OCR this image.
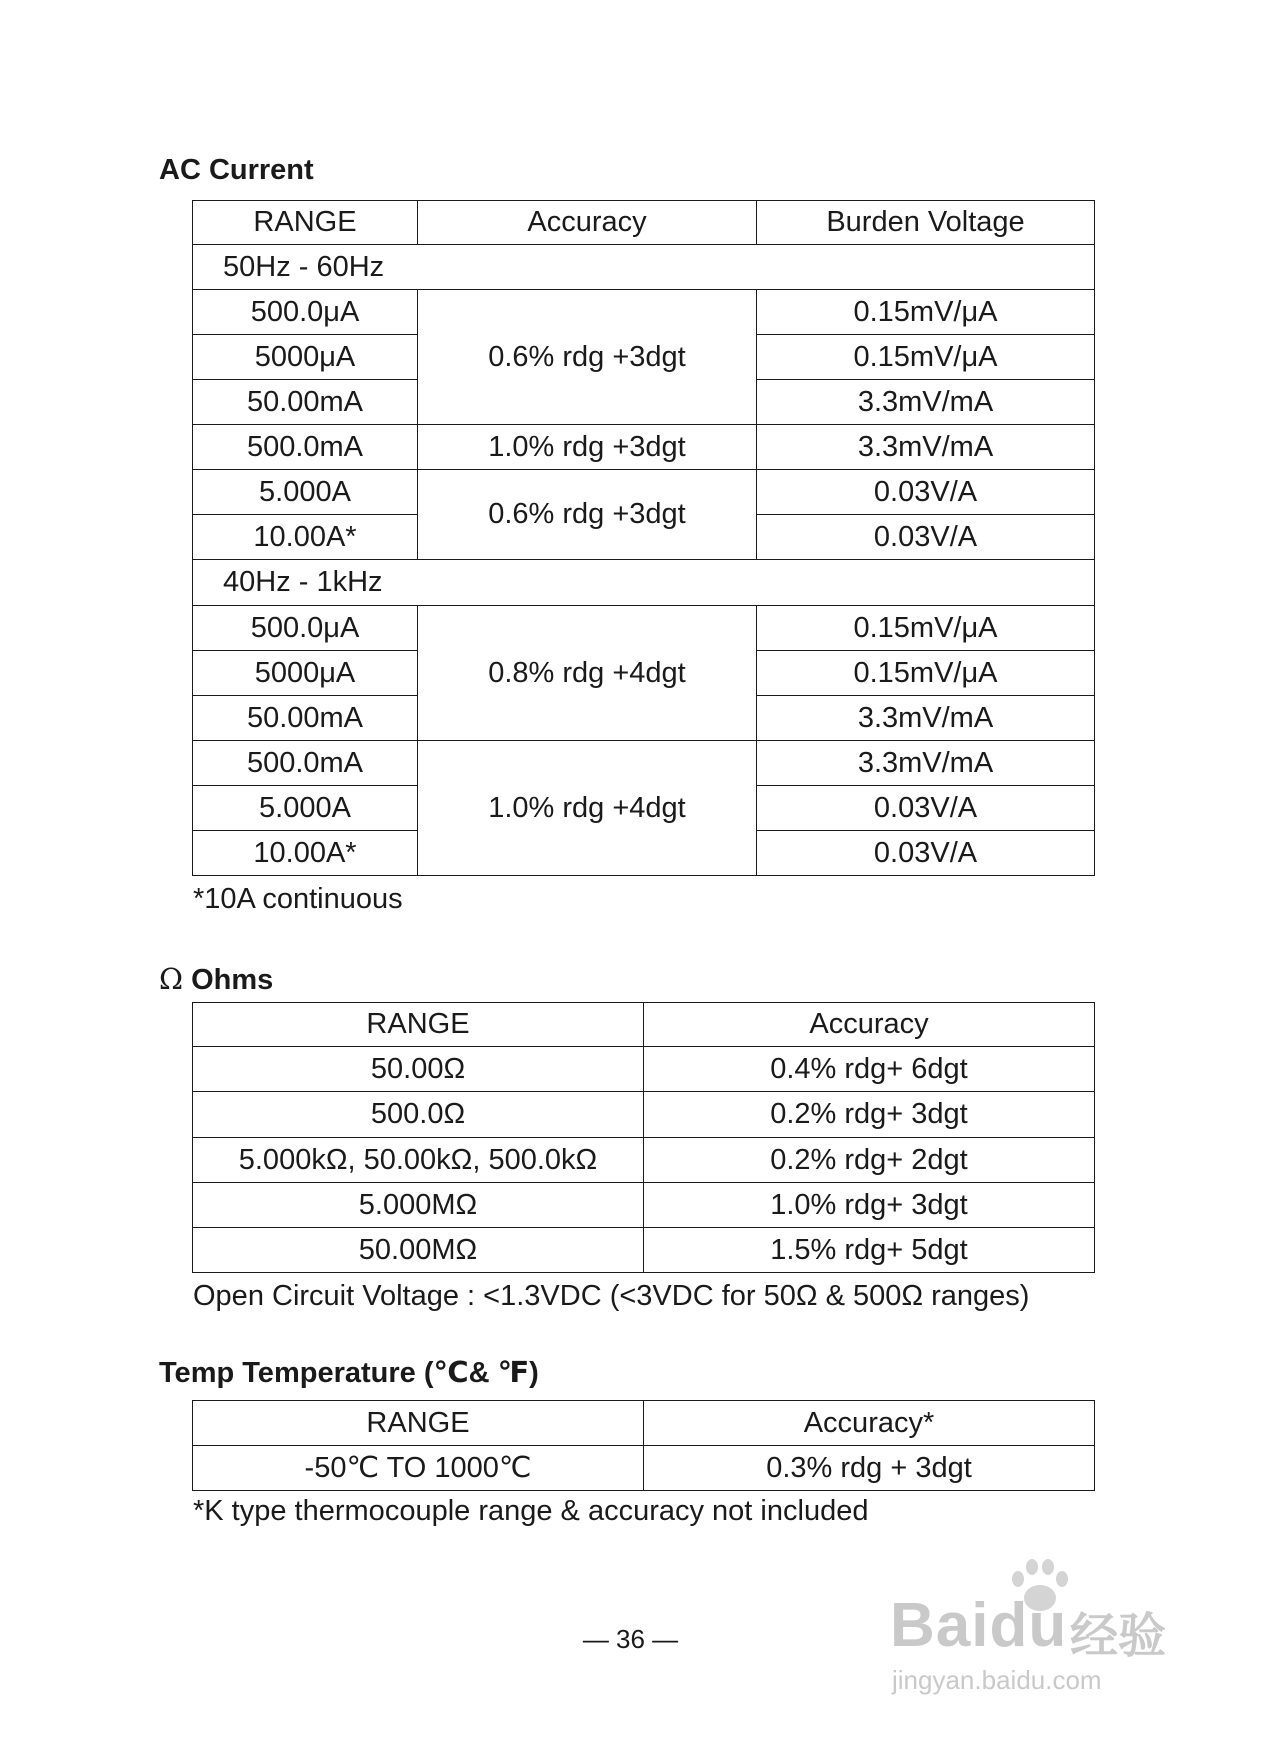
AC Current
RANGE	Accuracy	Burden Voltage
50Hz - 60Hz		
500.0μA	0.6% rdg +3dgt	0.15mV/μA
5000μA		0.15mV/μA
50.00mA		3.3mV/mA
500.0mA	1.0% rdg +3dgt	3.3mV/mA
5.000A	0.6% rdg +3dgt	0.03V/A
10.00A*		0.03V/A
40Hz - 1kHz		
500.0μA	0.8% rdg +4dgt	0.15mV/μA
5000μA		0.15mV/μA
50.00mA		3.3mV/mA
500.0mA	1.0% rdg +4dgt	3.3mV/mA
5.000A		0.03V/A
10.00A*		0.03V/A

*10A continuous

Ω Ohms
RANGE	Accuracy
50.00Ω	0.4% rdg+ 6dgt
500.0Ω	0.2% rdg+ 3dgt
5.000kΩ, 50.00kΩ, 500.0kΩ	0.2% rdg+ 2dgt
5.000MΩ	1.0% rdg+ 3dgt
50.00MΩ	1.5% rdg+ 5dgt

Open Circuit Voltage : <1.3VDC (<3VDC for 50Ω & 500Ω ranges)

Temp Temperature (℃& ℉)
RANGE	Accuracy*
-50℃ TO 1000℃	0.3% rdg + 3dgt

*K type thermocouple range & accuracy not included

— 36 —	Baidu 经验
jingyan.baidu.com
